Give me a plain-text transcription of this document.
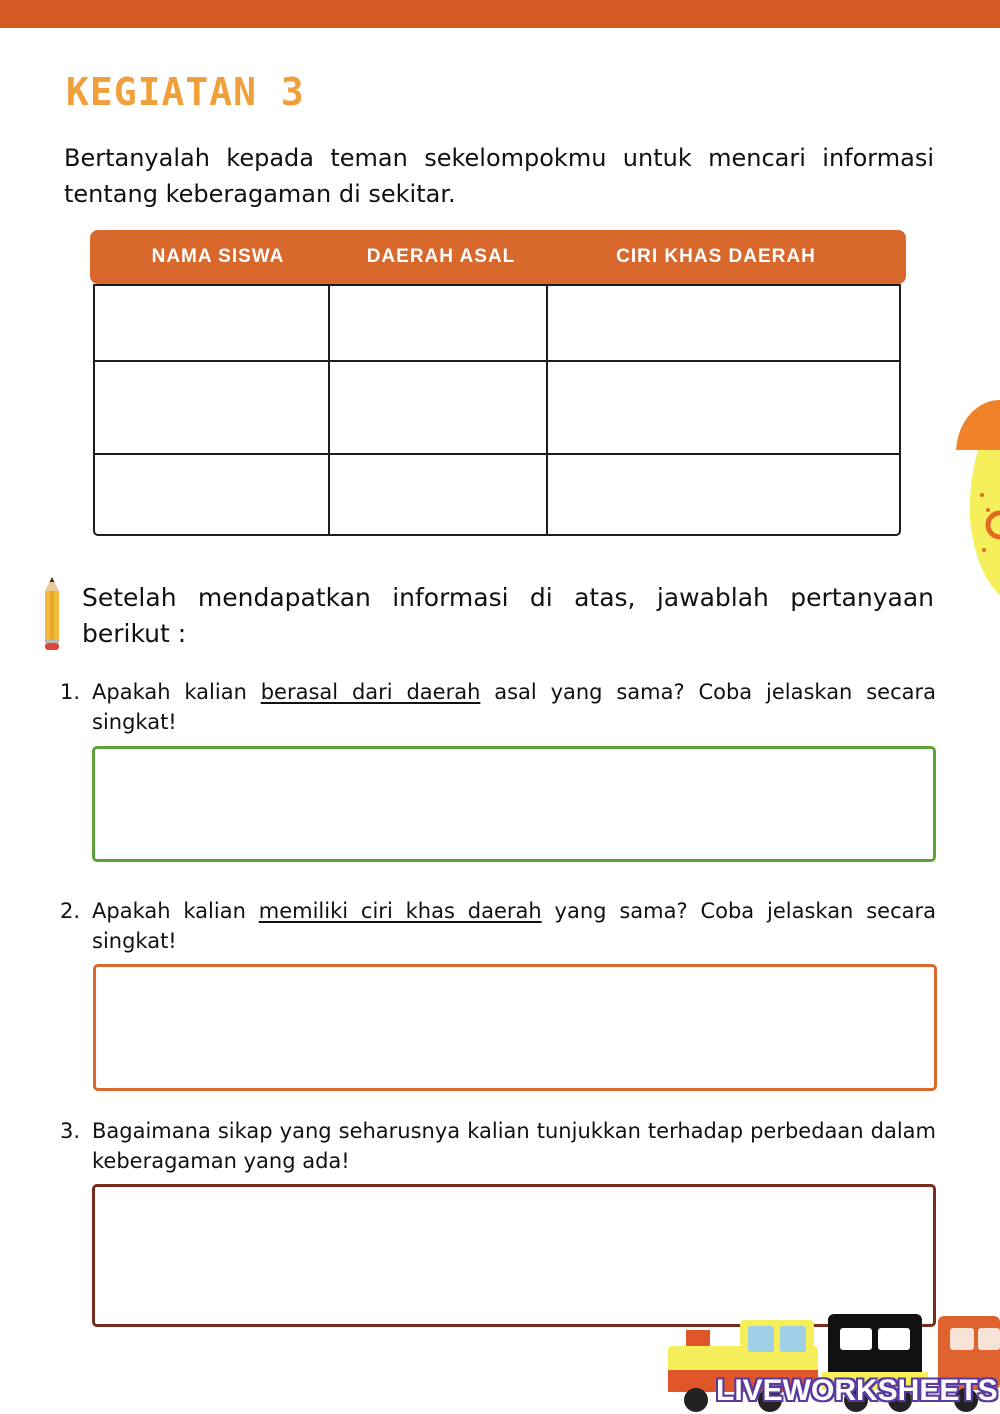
KEGIATAN 3
Bertanyalah kepada teman sekelompokmu untuk mencari informasi tentang keberagaman di sekitar.
NAMA SISWA	DAERAH ASAL	CIRI KHAS DAERAH
Setelah mendapatkan informasi di atas, jawablah pertanyaan berikut :
1. Apakah kalian berasal dari daerah asal yang sama? Coba jelaskan secara singkat!
2. Apakah kalian memiliki ciri khas daerah yang sama? Coba jelaskan secara singkat!
3. Bagaimana sikap yang seharusnya kalian tunjukkan terhadap perbedaan dalam keberagaman yang ada!
LIVEWORKSHEETS
